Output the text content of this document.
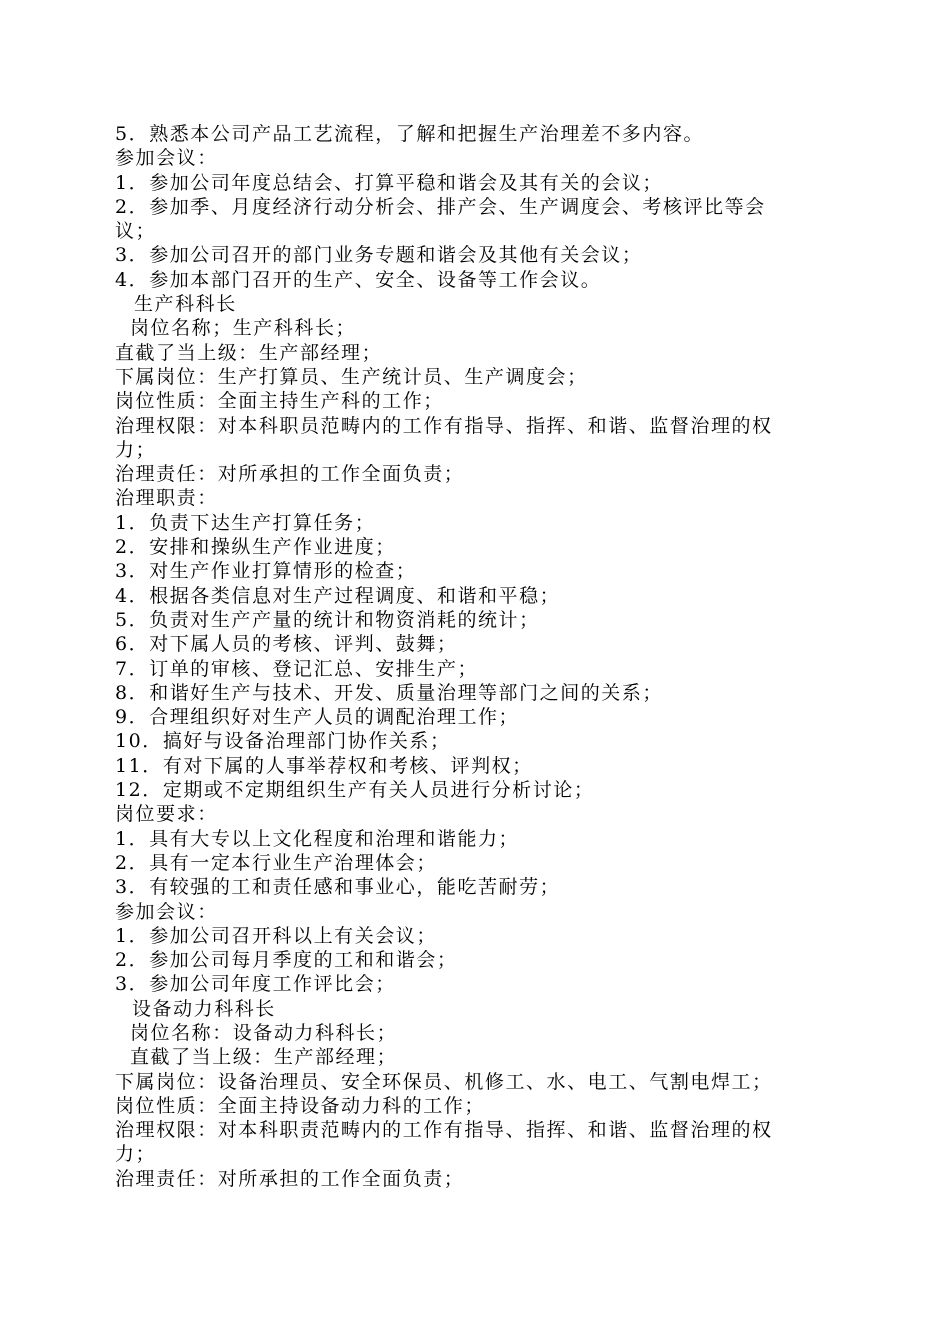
5．熟悉本公司产品工艺流程，了解和把握生产治理差不多内容。
参加会议：
1．参加公司年度总结会、打算平稳和谐会及其有关的会议；
2．参加季、月度经济行动分析会、排产会、生产调度会、考核评比等会
议；
3．参加公司召开的部门业务专题和谐会及其他有关会议；
4．参加本部门召开的生产、安全、设备等工作会议。
生产科科长
岗位名称；生产科科长；
直截了当上级：生产部经理；
下属岗位：生产打算员、生产统计员、生产调度会；
岗位性质：全面主持生产科的工作；
治理权限：对本科职员范畴内的工作有指导、指挥、和谐、监督治理的权
力；
治理责任：对所承担的工作全面负责；
治理职责：
1．负责下达生产打算任务；
2．安排和操纵生产作业进度；
3．对生产作业打算情形的检查；
4．根据各类信息对生产过程调度、和谐和平稳；
5．负责对生产产量的统计和物资消耗的统计；
6．对下属人员的考核、评判、鼓舞；
7．订单的审核、登记汇总、安排生产；
8．和谐好生产与技术、开发、质量治理等部门之间的关系；
9．合理组织好对生产人员的调配治理工作；
10．搞好与设备治理部门协作关系；
11．有对下属的人事举荐权和考核、评判权；
12．定期或不定期组织生产有关人员进行分析讨论；
岗位要求：
1．具有大专以上文化程度和治理和谐能力；
2．具有一定本行业生产治理体会；
3．有较强的工和责任感和事业心，能吃苦耐劳；
参加会议：
1．参加公司召开科以上有关会议；
2．参加公司每月季度的工和和谐会；
3．参加公司年度工作评比会；
设备动力科科长
岗位名称：设备动力科科长；
直截了当上级：生产部经理；
下属岗位：设备治理员、安全环保员、机修工、水、电工、气割电焊工；
岗位性质：全面主持设备动力科的工作；
治理权限：对本科职责范畴内的工作有指导、指挥、和谐、监督治理的权
力；
治理责任：对所承担的工作全面负责；
